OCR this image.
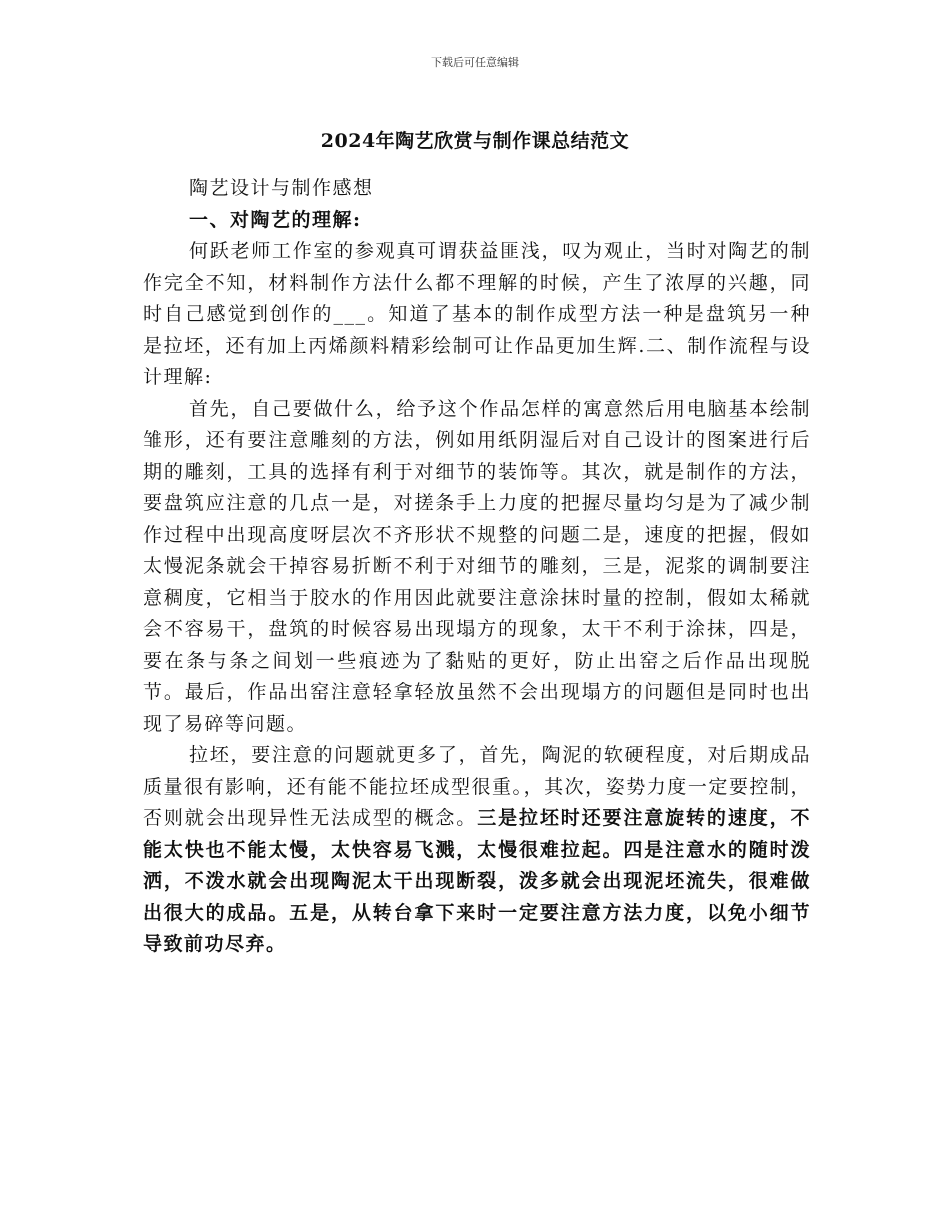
下载后可任意编辑
2024年陶艺欣赏与制作课总结范文

陶艺设计与制作感想

一、对陶艺的理解:

何跃老师工作室的参观真可谓获益匪浅，叹为观止，当时对陶艺的制作完全不知，材料制作方法什么都不理解的时候，产生了浓厚的兴趣，同时自己感觉到创作的___。知道了基本的制作成型方法一种是盘筑另一种是拉坯，还有加上丙烯颜料精彩绘制可让作品更加生辉.二、制作流程与设计理解:

首先，自己要做什么，给予这个作品怎样的寓意然后用电脑基本绘制雏形，还有要注意雕刻的方法，例如用纸阴湿后对自己设计的图案进行后期的雕刻，工具的选择有利于对细节的装饰等。其次，就是制作的方法，要盘筑应注意的几点一是，对搓条手上力度的把握尽量均匀是为了减少制作过程中出现高度呀层次不齐形状不规整的问题二是，速度的把握，假如太慢泥条就会干掉容易折断不利于对细节的雕刻，三是，泥浆的调制要注意稠度，它相当于胶水的作用因此就要注意涂抹时量的控制，假如太稀就会不容易干，盘筑的时候容易出现塌方的现象，太干不利于涂抹，四是，要在条与条之间划一些痕迹为了黏贴的更好，防止出窑之后作品出现脱节。最后，作品出窑注意轻拿轻放虽然不会出现塌方的问题但是同时也出现了易碎等问题。

拉坯，要注意的问题就更多了，首先，陶泥的软硬程度，对后期成品质量很有影响，还有能不能拉坯成型很重。，其次，姿势力度一定要控制，否则就会出现异性无法成型的概念。三是拉坯时还要注意旋转的速度，不能太快也不能太慢，太快容易飞溅，太慢很难拉起。四是注意水的随时泼洒，不泼水就会出现陶泥太干出现断裂，泼多就会出现泥坯流失，很难做出很大的成品。五是，从转台拿下来时一定要注意方法力度，以免小细节导致前功尽弃。
